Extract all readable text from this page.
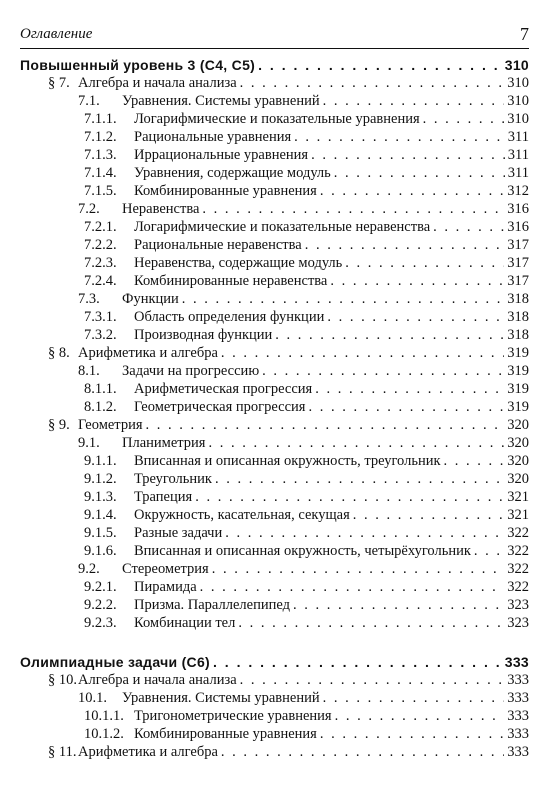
Оглавление	7
Повышенный уровень 3 (С4, С5) . . .	310
§ 7. Алгебра и начала анализа . . .	310
7.1.	Уравнения. Системы уравнений . . .	310
7.1.1.	Логарифмические и показательные уравнения . . .	310
7.1.2.	Рациональные уравнения . . .	311
7.1.3.	Иррациональные уравнения . . .	311
7.1.4.	Уравнения, содержащие модуль . . .	311
7.1.5.	Комбинированные уравнения . . .	312
7.2.	Неравенства . . .	316
7.2.1.	Логарифмические и показательные неравенства . . .	316
7.2.2.	Рациональные неравенства . . .	317
7.2.3.	Неравенства, содержащие модуль . . .	317
7.2.4.	Комбинированные неравенства . . .	317
7.3.	Функции . . .	318
7.3.1.	Область определения функции . . .	318
7.3.2.	Производная функции . . .	318
§ 8. Арифметика и алгебра . . .	319
8.1.	Задачи на прогрессию . . .	319
8.1.1.	Арифметическая прогрессия . . .	319
8.1.2.	Геометрическая прогрессия . . .	319
§ 9. Геометрия . . .	320
9.1.	Планиметрия . . .	320
9.1.1.	Вписанная и описанная окружность, треугольник . . .	320
9.1.2.	Треугольник . . .	320
9.1.3.	Трапеция . . .	321
9.1.4.	Окружность, касательная, секущая . . .	321
9.1.5.	Разные задачи . . .	322
9.1.6.	Вписанная и описанная окружность, четырёхугольник . . .	322
9.2.	Стереометрия . . .	322
9.2.1.	Пирамида . . .	322
9.2.2.	Призма. Параллелепипед . . .	323
9.2.3.	Комбинации тел . . .	323
Олимпиадные задачи (С6) . . .	333
§ 10. Алгебра и начала анализа . . .	333
10.1.	Уравнения. Системы уравнений . . .	333
10.1.1. Тригонометрические уравнения . . .	333
10.1.2. Комбинированные уравнения . . .	333
§ 11. Арифметика и алгебра . . .	333
